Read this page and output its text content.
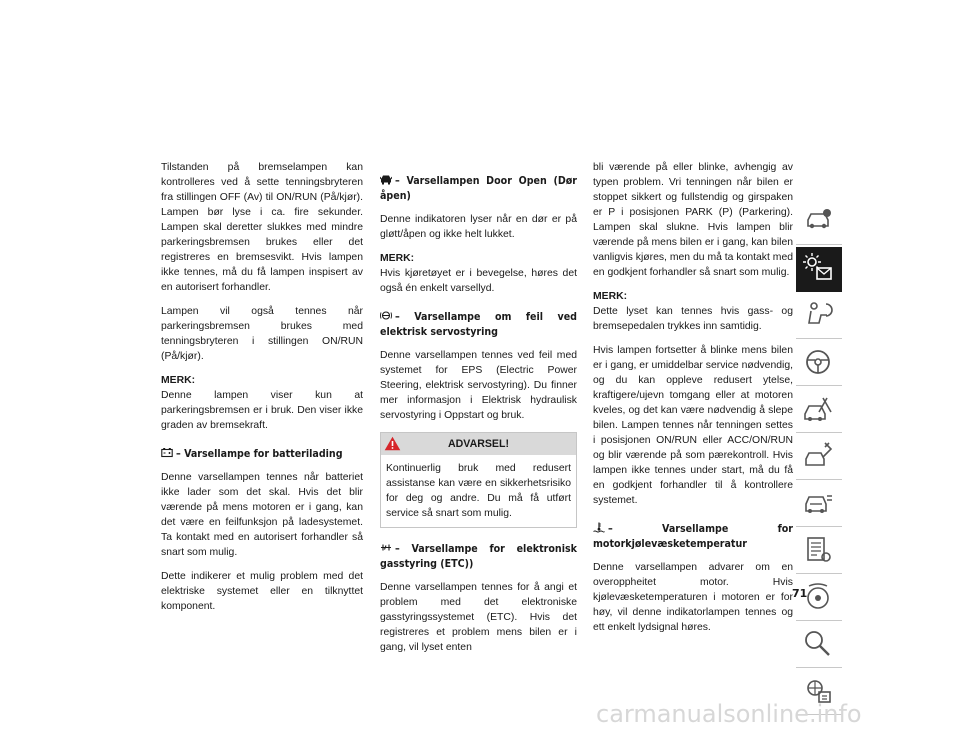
Tilstanden på bremselampen kan kontrolleres ved å sette tenningsbryteren fra stillingen OFF (Av) til ON/RUN (På/kjør). Lampen bør lyse i ca. fire sekunder. Lampen skal deretter slukkes med mindre parkeringsbremsen brukes eller det registreres en bremsesvikt. Hvis lampen ikke tennes, må du få lampen inspisert av en autorisert forhandler.

Lampen vil også tennes når parkeringsbremsen brukes med tenningsbryteren i stillingen ON/RUN (På/kjør).

MERK:
Denne lampen viser kun at parkeringsbremsen er i bruk. Den viser ikke graden av bremsekraft.

– Varsellampe for batterilading

Denne varsellampen tennes når batteriet ikke lader som det skal. Hvis det blir værende på mens motoren er i gang, kan det være en feilfunksjon på ladesystemet. Ta kontakt med en autorisert forhandler så snart som mulig.

Dette indikerer et mulig problem med det elektriske systemet eller en tilknyttet komponent.

– Varsellampen Door Open (Dør åpen)

Denne indikatoren lyser når en dør er på gløtt/åpen og ikke helt lukket.

MERK:
Hvis kjøretøyet er i bevegelse, høres det også én enkelt varsellyd.

– Varsellampe om feil ved elektrisk servostyring

Denne varsellampen tennes ved feil med systemet for EPS (Electric Power Steering, elektrisk servostyring). Du finner mer informasjon i Elektrisk hydraulisk servostyring i Oppstart og bruk.

ADVARSEL!
Kontinuerlig bruk med redusert assistanse kan være en sikkerhetsrisiko for deg og andre. Du må få utført service så snart som mulig.
– Varsellampe for elektronisk gasstyring (ETC))

Denne varsellampen tennes for å angi et problem med det elektroniske gasstyringssystemet (ETC). Hvis det registreres et problem mens bilen er i gang, vil lyset enten

bli værende på eller blinke, avhengig av typen problem. Vri tenningen når bilen er stoppet sikkert og fullstendig og girspaken er P i posisjonen PARK (P) (Parkering). Lampen skal slukne. Hvis lampen blir værende på mens bilen er i gang, kan bilen vanligvis kjøres, men du må ta kontakt med en godkjent forhandler så snart som mulig.

MERK:
Dette lyset kan tennes hvis gass- og bremsepedalen trykkes inn samtidig.

Hvis lampen fortsetter å blinke mens bilen er i gang, er umiddelbar service nødvendig, og du kan oppleve redusert ytelse, kraftigere/ujevn tomgang eller at motoren kveles, og det kan være nødvendig å slepe bilen. Lampen tennes når tenningen settes i posisjonen ON/RUN eller ACC/ON/RUN og blir værende på som pærekontroll. Hvis lampen ikke tennes under start, må du få en godkjent forhandler til å kontrollere systemet.

– Varsellampe for motorkjølevæsketemperatur

Denne varsellampen advarer om en overoppheitet motor. Hvis kjølevæsketemperaturen i motoren er for høy, vil denne indikatorlampen tennes og ett enkelt lydsignal høres.

71
carmanualsonline.info
